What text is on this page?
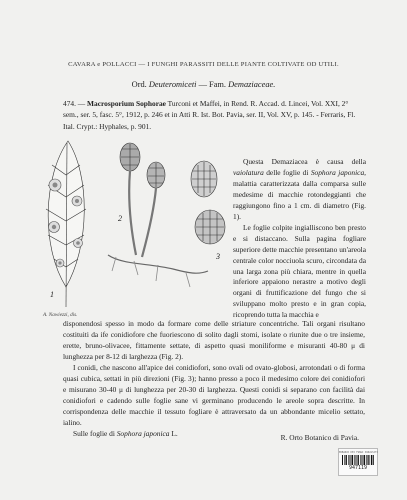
CAVARA e POLLACCI — I FUNGHI PARASSITI DELLE PIANTE COLTIVATE OD UTILI.
Ord. Deuteromiceti — Fam. Demaziaceae.
474. — Macrosporium Sophorae Turconi et Maffei, in Rend. R. Accad. d. Lincei, Vol. XXI, 2° sem., ser. 5, fasc. 5°, 1912, p. 246 et in Atti R. Ist. Bot. Pavia, ser. II, Vol. XV, p. 145. - Ferraris, Fl. Ital. Crypt.: Hyphales, p. 901.
1
2
3
A. Nawiezzi, dis.

Questa Demaziacea è causa della vaiolatura delle foglie di Sophora japonica, malattia caratterizzata dalla comparsa sulle medesime di macchie rotondeggianti che raggiungono fino a 1 cm. di diametro (Fig. 1).

Le foglie colpite ingialliscono ben presto e si distaccano. Sulla pagina fogliare superiore dette macchie presentano un'areola centrale color nocciuola scuro, circondata da una larga zona più chiara, mentre in quella inferiore appaiono nerastre a motivo degli organi di fruttificazione del fungo che si sviluppano molto presto e in gran copia, ricoprendo tutta la macchia e

disponendosi spesso in modo da formare come delle striature concentriche. Tali organi risultano costituiti da ife conidiofore che fuoriescono di solito dagli stomi, isolate o riunite due o tre insieme, erette, bruno-olivacee, fittamente settate, di aspetto quasi moniliforme e misuranti 40-80 μ di lunghezza per 8-12 di larghezza (Fig. 2).

I conidi, che nascono all'apice dei conidiofori, sono ovali od ovato-globosi, arrotondati o di forma quasi cubica, settati in più direzioni (Fig. 3); hanno presso a poco il medesimo colore dei conidiofori e misurano 30-40 μ di lunghezza per 20-30 di larghezza. Questi conidi si separano con facilità dai conidiofori e cadendo sulle foglie sane vi germinano producendo le areole sopra descritte. In corrispondenza delle macchie il tessuto fogliare è attraversato da un abbondante micelio settato, ialino.

Sulle foglie di Sophora japonica L.	R. Orto Botanico di Pavia.
ERBARIO DEI FUNGI PARASSITI
947119
